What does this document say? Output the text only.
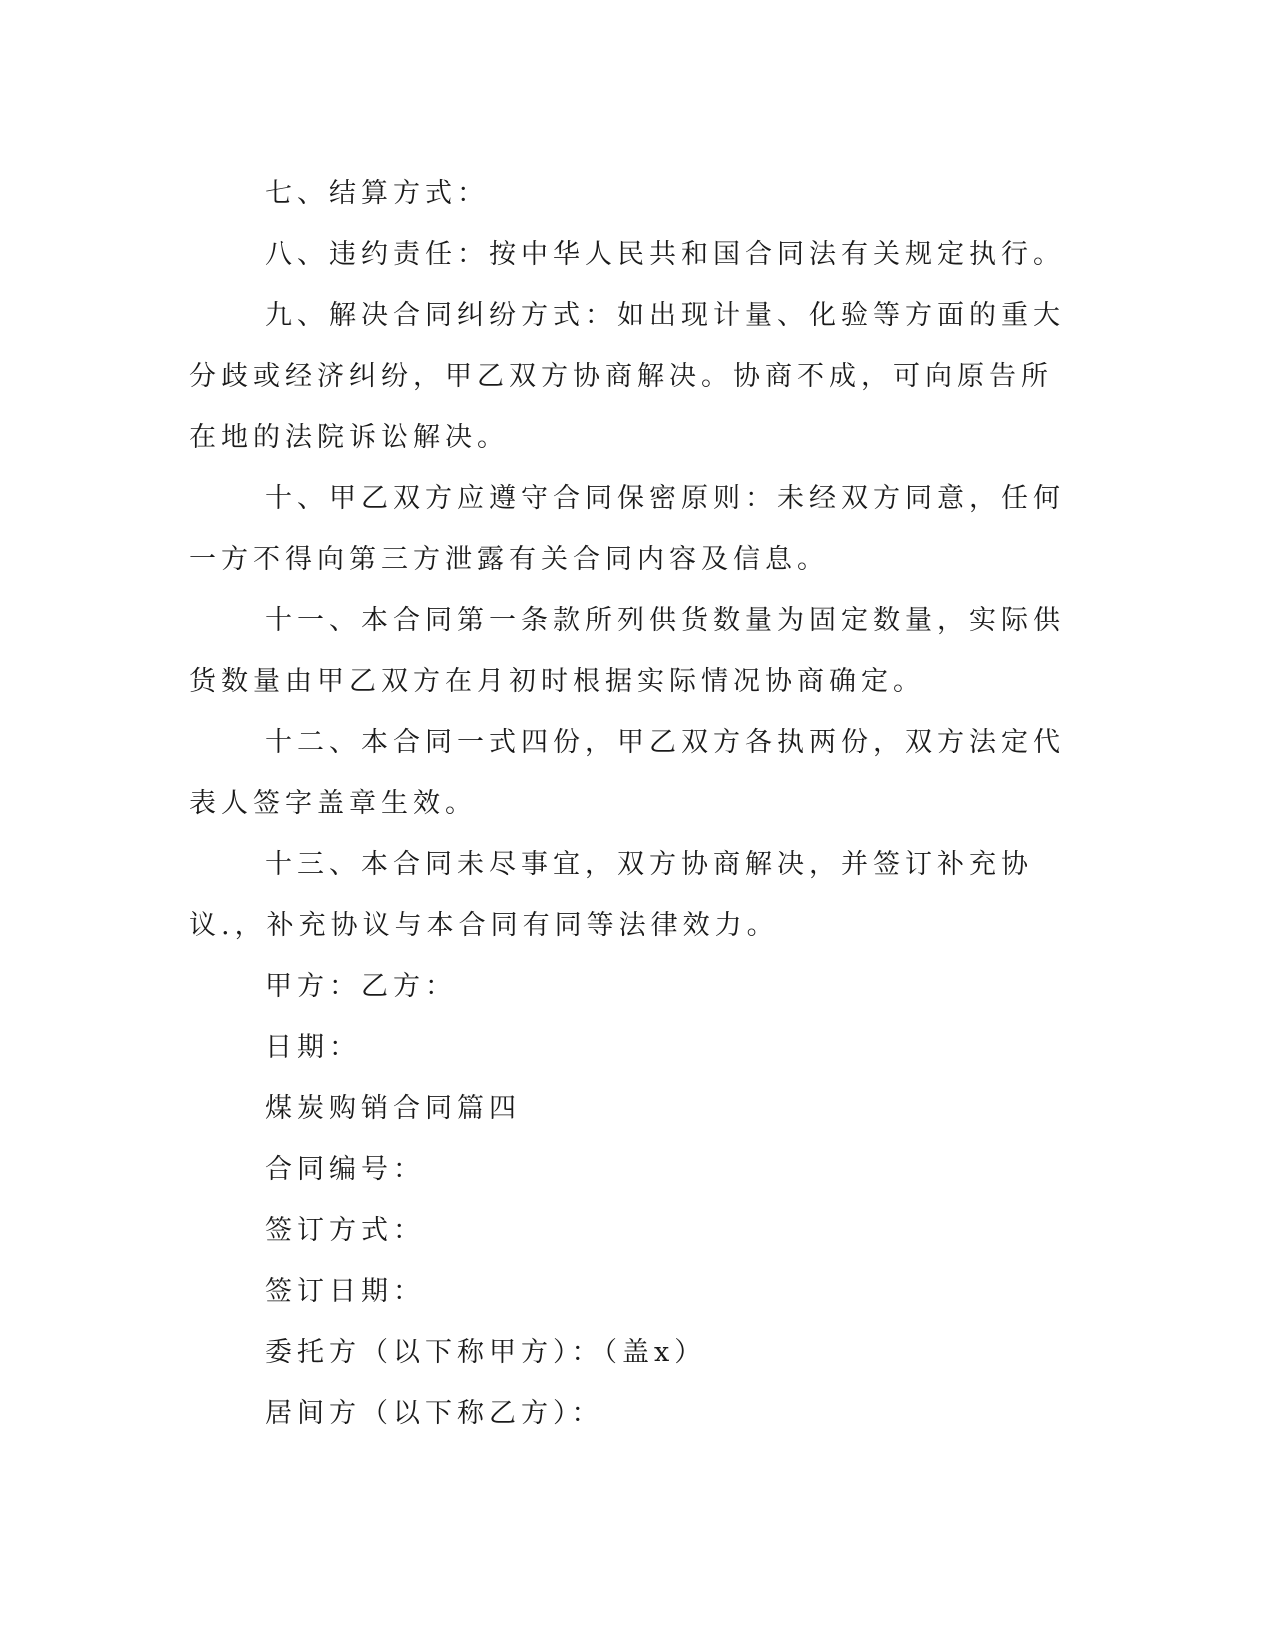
七、结算方式：

八、违约责任：按中华人民共和国合同法有关规定执行。

九、解决合同纠纷方式：如出现计量、化验等方面的重大分歧或经济纠纷，甲乙双方协商解决。协商不成，可向原告所在地的法院诉讼解决。

十、甲乙双方应遵守合同保密原则：未经双方同意，任何一方不得向第三方泄露有关合同内容及信息。

十一、本合同第一条款所列供货数量为固定数量，实际供货数量由甲乙双方在月初时根据实际情况协商确定。

十二、本合同一式四份，甲乙双方各执两份，双方法定代表人签字盖章生效。

十三、本合同未尽事宜，双方协商解决，并签订补充协议.，补充协议与本合同有同等法律效力。

甲方：乙方：

日期：

煤炭购销合同篇四

合同编号：

签订方式：

签订日期：

委托方（以下称甲方）：（盖x）

居间方（以下称乙方）：
